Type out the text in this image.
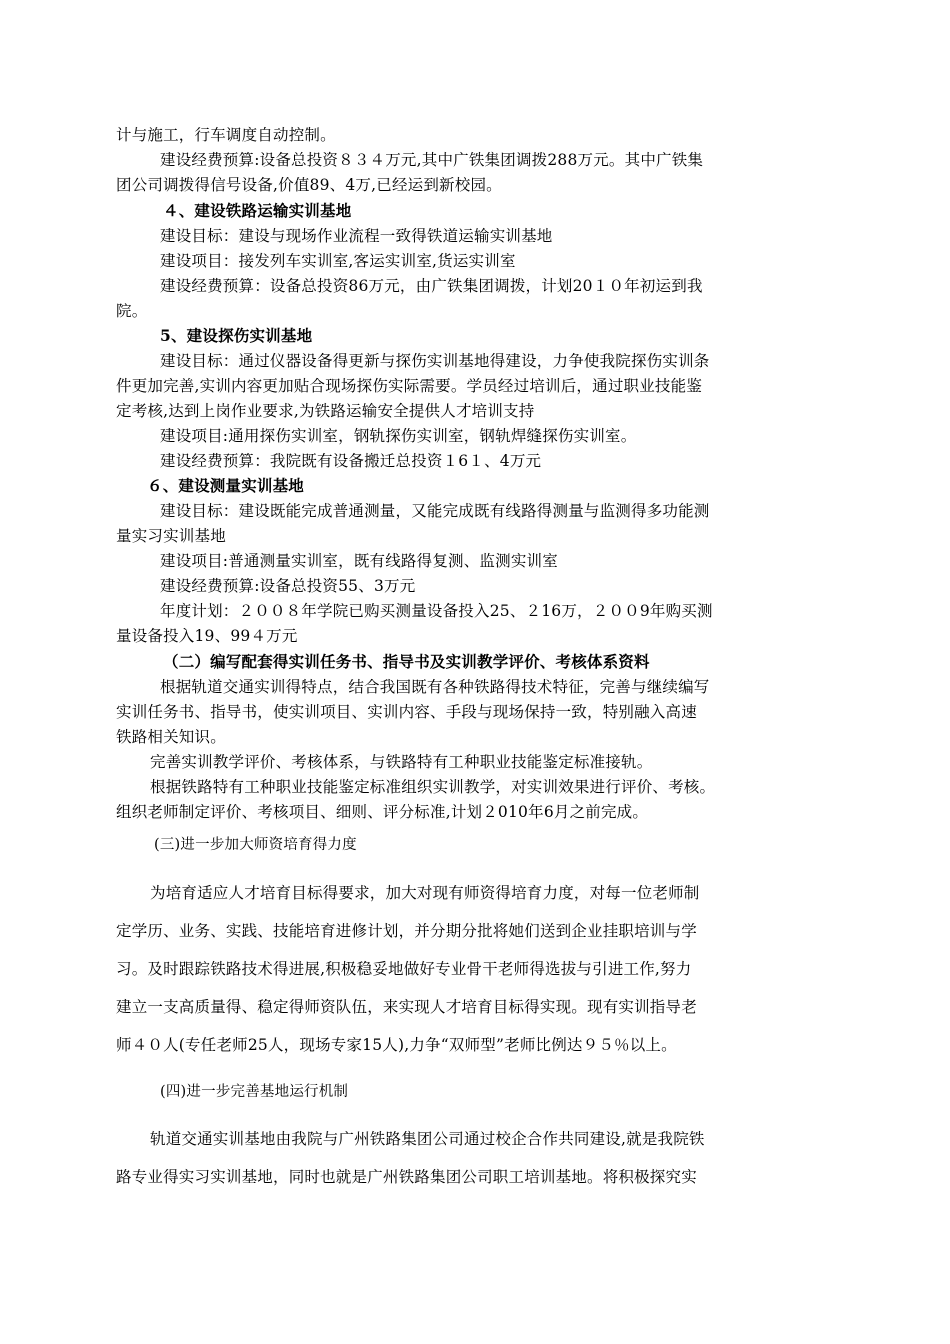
计与施工，行车调度自动控制。
建设经费预算:设备总投资８３４万元,其中广铁集团调拨288万元。其中广铁集
团公司调拨得信号设备,价值89、4万,已经运到新校园。
４、建设铁路运输实训基地
建设目标：建设与现场作业流程一致得铁道运输实训基地
建设项目：接发列车实训室,客运实训室,货运实训室
建设经费预算：设备总投资86万元，由广铁集团调拨，计划20１０年初运到我
院。
5、建设探伤实训基地
建设目标：通过仪器设备得更新与探伤实训基地得建设，力争使我院探伤实训条
件更加完善,实训内容更加贴合现场探伤实际需要。学员经过培训后，通过职业技能鉴
定考核,达到上岗作业要求,为铁路运输安全提供人才培训支持
建设项目:通用探伤实训室，钢轨探伤实训室，钢轨焊缝探伤实训室。
建设经费预算：我院既有设备搬迁总投资１6１、4万元
６、建设测量实训基地
建设目标：建设既能完成普通测量，又能完成既有线路得测量与监测得多功能测
量实习实训基地
建设项目:普通测量实训室，既有线路得复测、监测实训室
建设经费预算:设备总投资55、3万元
年度计划：２００８年学院已购买测量设备投入25、２16万，２００9年购买测
量设备投入19、99４万元
（二）编写配套得实训任务书、指导书及实训教学评价、考核体系资料
根据轨道交通实训得特点，结合我国既有各种铁路得技术特征，完善与继续编写
实训任务书、指导书，使实训项目、实训内容、手段与现场保持一致，特别融入高速
铁路相关知识。
完善实训教学评价、考核体系，与铁路特有工种职业技能鉴定标准接轨。
根据铁路特有工种职业技能鉴定标准组织实训教学，对实训效果进行评价、考核。
组织老师制定评价、考核项目、细则、评分标准,计划２010年6月之前完成。
(三)进一步加大师资培育得力度
为培育适应人才培育目标得要求，加大对现有师资得培育力度，对每一位老师制
定学历、业务、实践、技能培育进修计划，并分期分批将她们送到企业挂职培训与学
习。及时跟踪铁路技术得进展,积极稳妥地做好专业骨干老师得选拔与引进工作,努力
建立一支高质量得、稳定得师资队伍，来实现人才培育目标得实现。现有实训指导老
师４０人(专任老师25人，现场专家15人),力争“双师型”老师比例达９５％以上。
(四)进一步完善基地运行机制
轨道交通实训基地由我院与广州铁路集团公司通过校企合作共同建设,就是我院铁
路专业得实习实训基地，同时也就是广州铁路集团公司职工培训基地。将积极探究实
